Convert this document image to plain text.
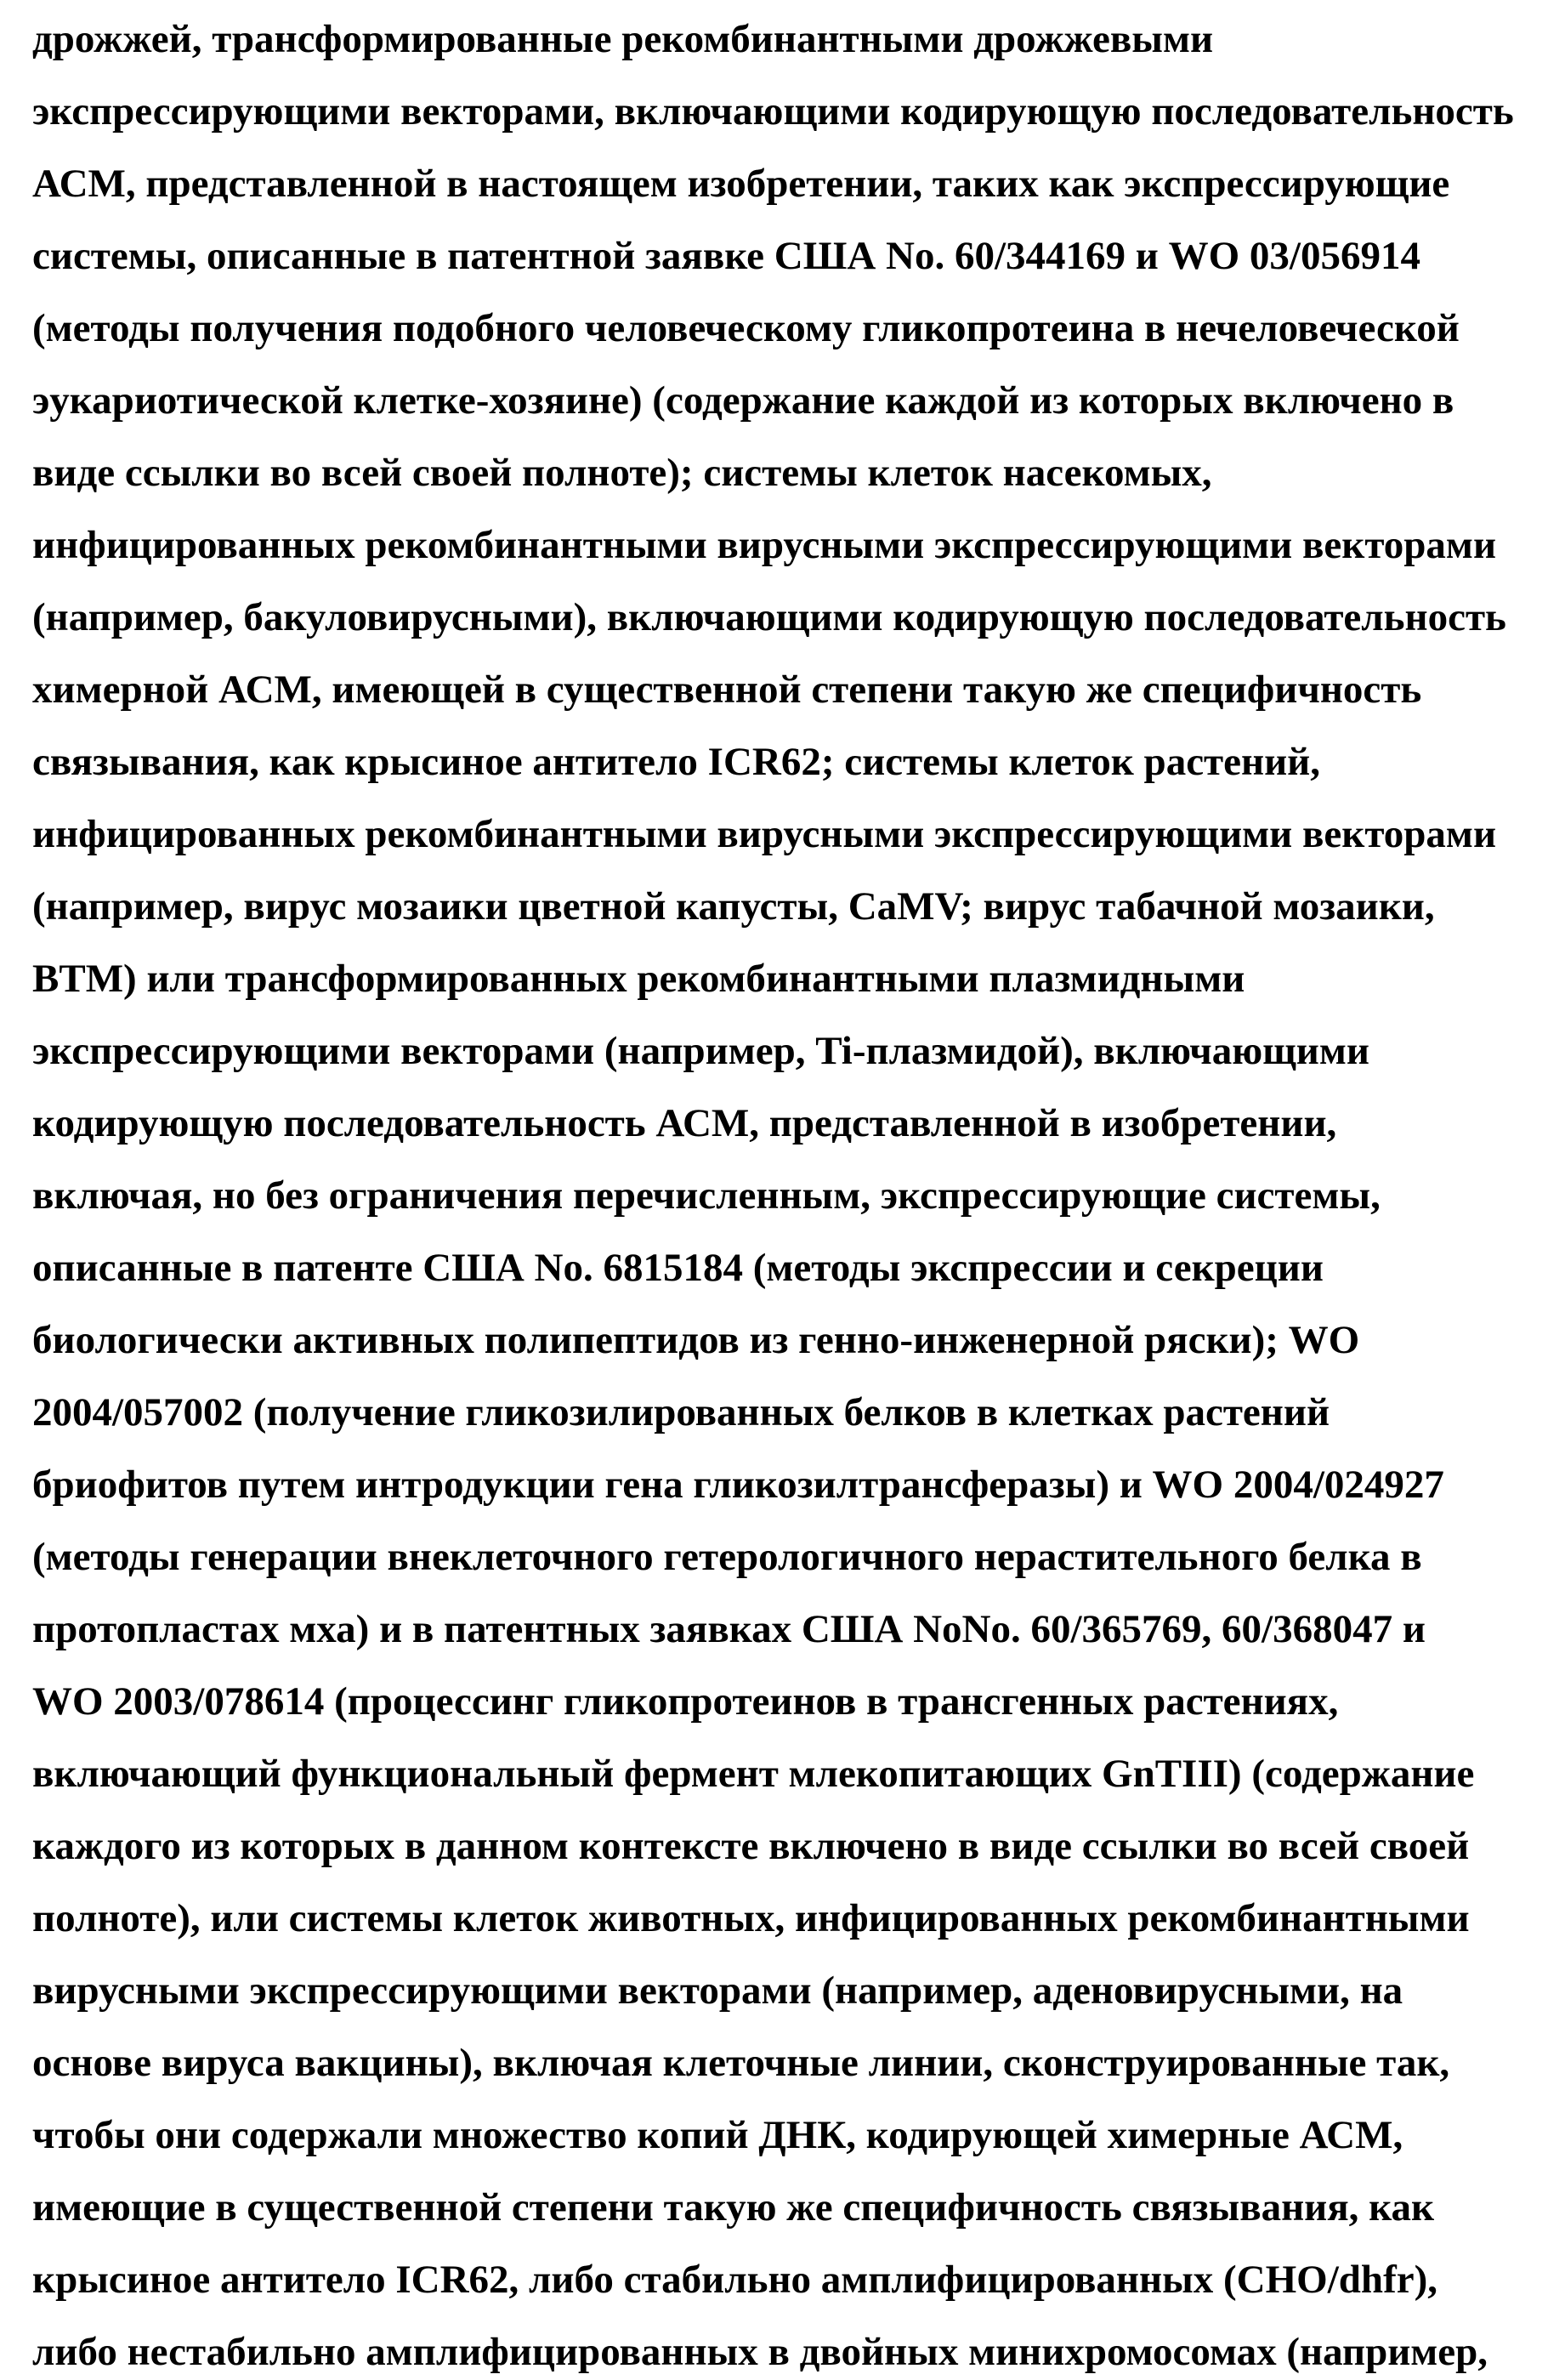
дрожжей, трансформированные рекомбинантными дрожжевыми
экспрессирующими векторами, включающими кодирующую последовательность
АСМ, представленной в настоящем изобретении, таких как экспрессирующие
системы, описанные в патентной заявке США No. 60/344169 и WO 03/056914
(методы получения подобного человеческому гликопротеина в нечеловеческой
эукариотической клетке-хозяине) (содержание каждой из которых включено в
виде ссылки во всей своей полноте); системы клеток насекомых,
инфицированных рекомбинантными вирусными экспрессирующими векторами
(например, бакуловирусными), включающими кодирующую последовательность
химерной АСМ, имеющей в существенной степени такую же специфичность
связывания, как крысиное антитело ICR62; системы клеток растений,
инфицированных рекомбинантными вирусными экспрессирующими векторами
(например, вирус мозаики цветной капусты, CaMV; вирус табачной мозаики,
BTM) или трансформированных рекомбинантными плазмидными
экспрессирующими векторами (например, Ti-плазмидой), включающими
кодирующую последовательность АСМ, представленной в изобретении,
включая, но без ограничения перечисленным, экспрессирующие системы,
описанные в патенте США No. 6815184 (методы экспрессии и секреции
биологически активных полипептидов из генно-инженерной ряски); WO
2004/057002 (получение гликозилированных белков в клетках растений
бриофитов путем интродукции гена гликозилтрансферазы) и WO 2004/024927
(методы генерации внеклеточного гетерологичного нерастительного белка в
протопластах мха) и в патентных заявках США NoNo. 60/365769, 60/368047 и
WO 2003/078614 (процессинг гликопротеинов в трансгенных растениях,
включающий функциональный фермент млекопитающих GnTIII) (содержание
каждого из которых в данном контексте включено в виде ссылки во всей своей
полноте), или системы клеток животных, инфицированных рекомбинантными
вирусными экспрессирующими векторами (например, аденовирусными, на
основе вируса вакцины), включая клеточные линии, сконструированные так,
чтобы они содержали множество копий ДНК, кодирующей химерные АСМ,
имеющие в существенной степени такую же специфичность связывания, как
крысиное антитело ICR62, либо стабильно амплифицированных (CHO/dhfr),
либо нестабильно амплифицированных в двойных минихромосомах (например,
